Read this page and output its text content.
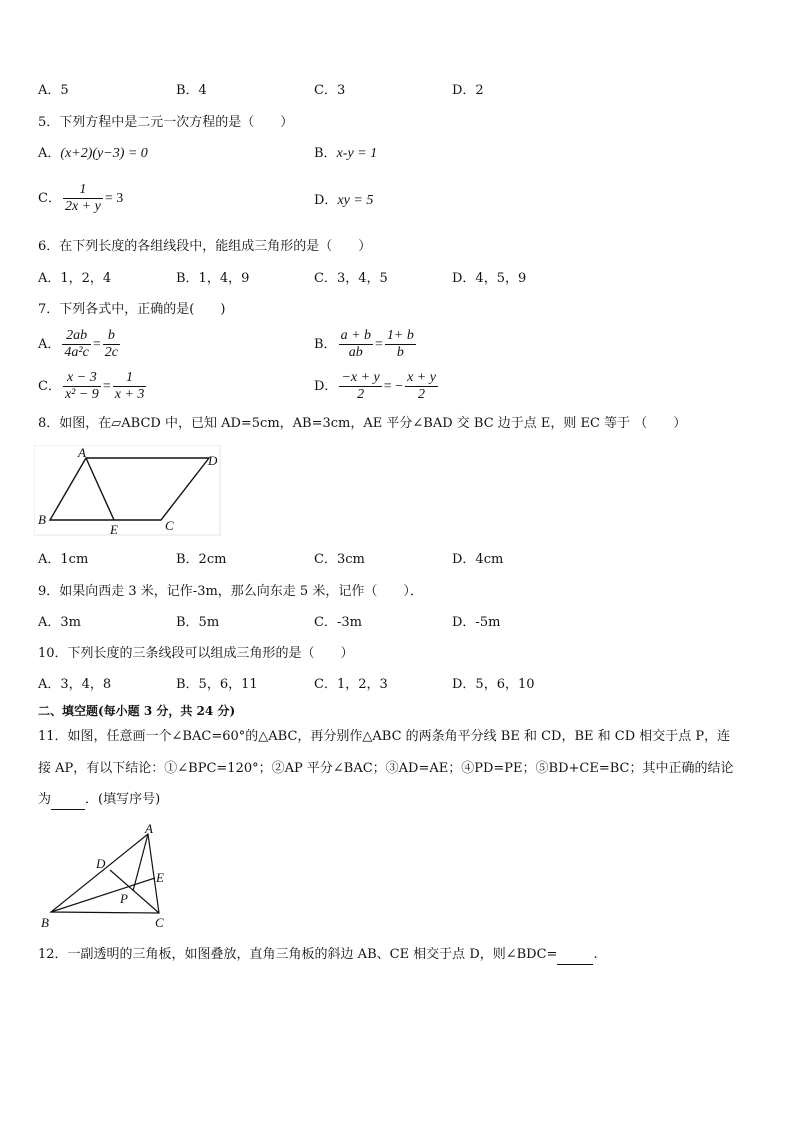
A．5	B．4	C．3	D．2
5．下列方程中是二元一次方程的是（　　）
A．(x+2)(y−3) = 0	B．x-y = 1
C． $\frac{1}{2x + y} = 3$	D．xy = 5
6．在下列长度的各组线段中，能组成三角形的是（　　）
A．1，2，4	B．1，4，9	C．3，4，5	D．4，5，9
7．下列各式中，正确的是(　　)
A． $\frac{2ab}{\text{4a²c}} = \frac{b}{2c}$	B． $\frac{a + b}{ab} = \frac{1+ b}{b}$
C． $\frac{x - 3}{\text{x² − 9}} = \frac{1}{x + 3}$	D． $\frac{-x + y}{2}$ = − $\frac{x + y}{2}$
8．如图，在▱ABCD 中，已知 AD=5cm，AB=3cm，AE 平分∠BAD 交 BC 边于点 E，则 EC 等于 （　　）
A
D
B	C
E
A．1cm	B．2cm	C．3cm	D．4cm
9．如果向西走 3 米，记作-3m，那么向东走 5 米，记作（　　）．
A．3m	B．5m	C．-3m	D．-5m
10．下列长度的三条线段可以组成三角形的是（　　）
A．3，4，8	B．5，6，11	C．1，2，3	D．5，6，10
二、填空题(每小题 3 分，共 24 分)
11．如图，任意画一个∠BAC=60°的△ABC，再分别作△ABC 的两条角平分线 BE 和 CD，BE 和 CD 相交于点 P，连
接 AP，有以下结论：①∠BPC=120°；②AP 平分∠BAC；③AD=AE；④PD=PE；⑤BD+CE=BC；其中正确的结论
为	．(填写序号)
A
D
E
P
B	C
12．一副透明的三角板，如图叠放，直角三角板的斜边 AB、CE 相交于点 D，则∠BDC=	.
